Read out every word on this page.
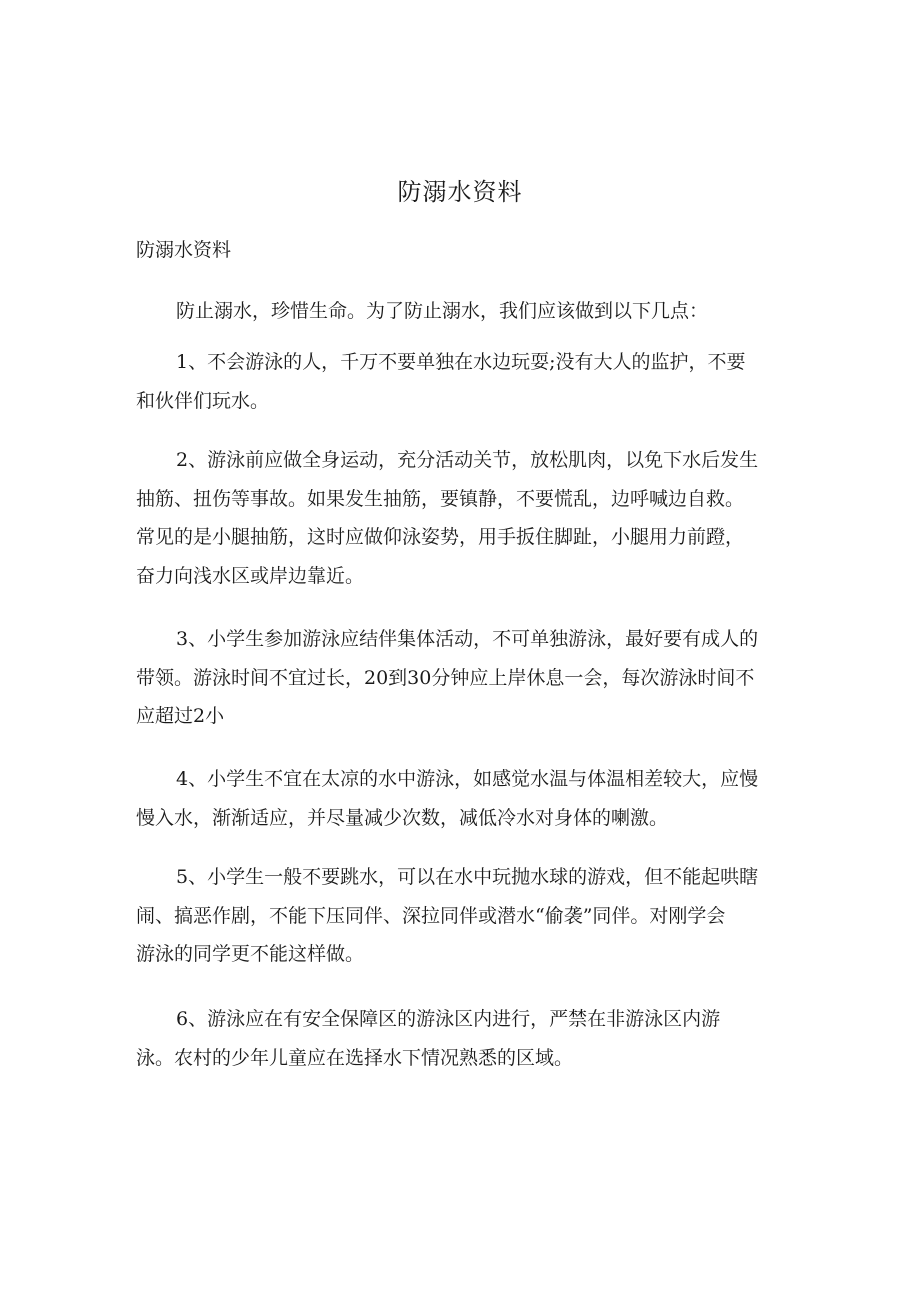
防溺水资料
防溺水资料
防止溺水，珍惜生命。为了防止溺水，我们应该做到以下几点：
1、不会游泳的人，千万不要单独在水边玩耍;没有大人的监护，不要
和伙伴们玩水。
2、游泳前应做全身运动，充分活动关节，放松肌肉，以免下水后发生
抽筋、扭伤等事故。如果发生抽筋，要镇静，不要慌乱，边呼喊边自救。
常见的是小腿抽筋，这时应做仰泳姿势，用手扳住脚趾，小腿用力前蹬，
奋力向浅水区或岸边靠近。
3、小学生参加游泳应结伴集体活动，不可单独游泳，最好要有成人的
带领。游泳时间不宜过长，20到30分钟应上岸休息一会，每次游泳时间不
应超过2小
4、小学生不宜在太凉的水中游泳，如感觉水温与体温相差较大，应慢
慢入水，渐渐适应，并尽量减少次数，减低冷水对身体的喇激。
5、小学生一般不要跳水，可以在水中玩抛水球的游戏，但不能起哄瞎
闹、搞恶作剧，不能下压同伴、深拉同伴或潜水“偷袭”同伴。对刚学会
游泳的同学更不能这样做。
6、游泳应在有安全保障区的游泳区内进行，严禁在非游泳区内游
泳。农村的少年儿童应在选择水下情况熟悉的区域。
